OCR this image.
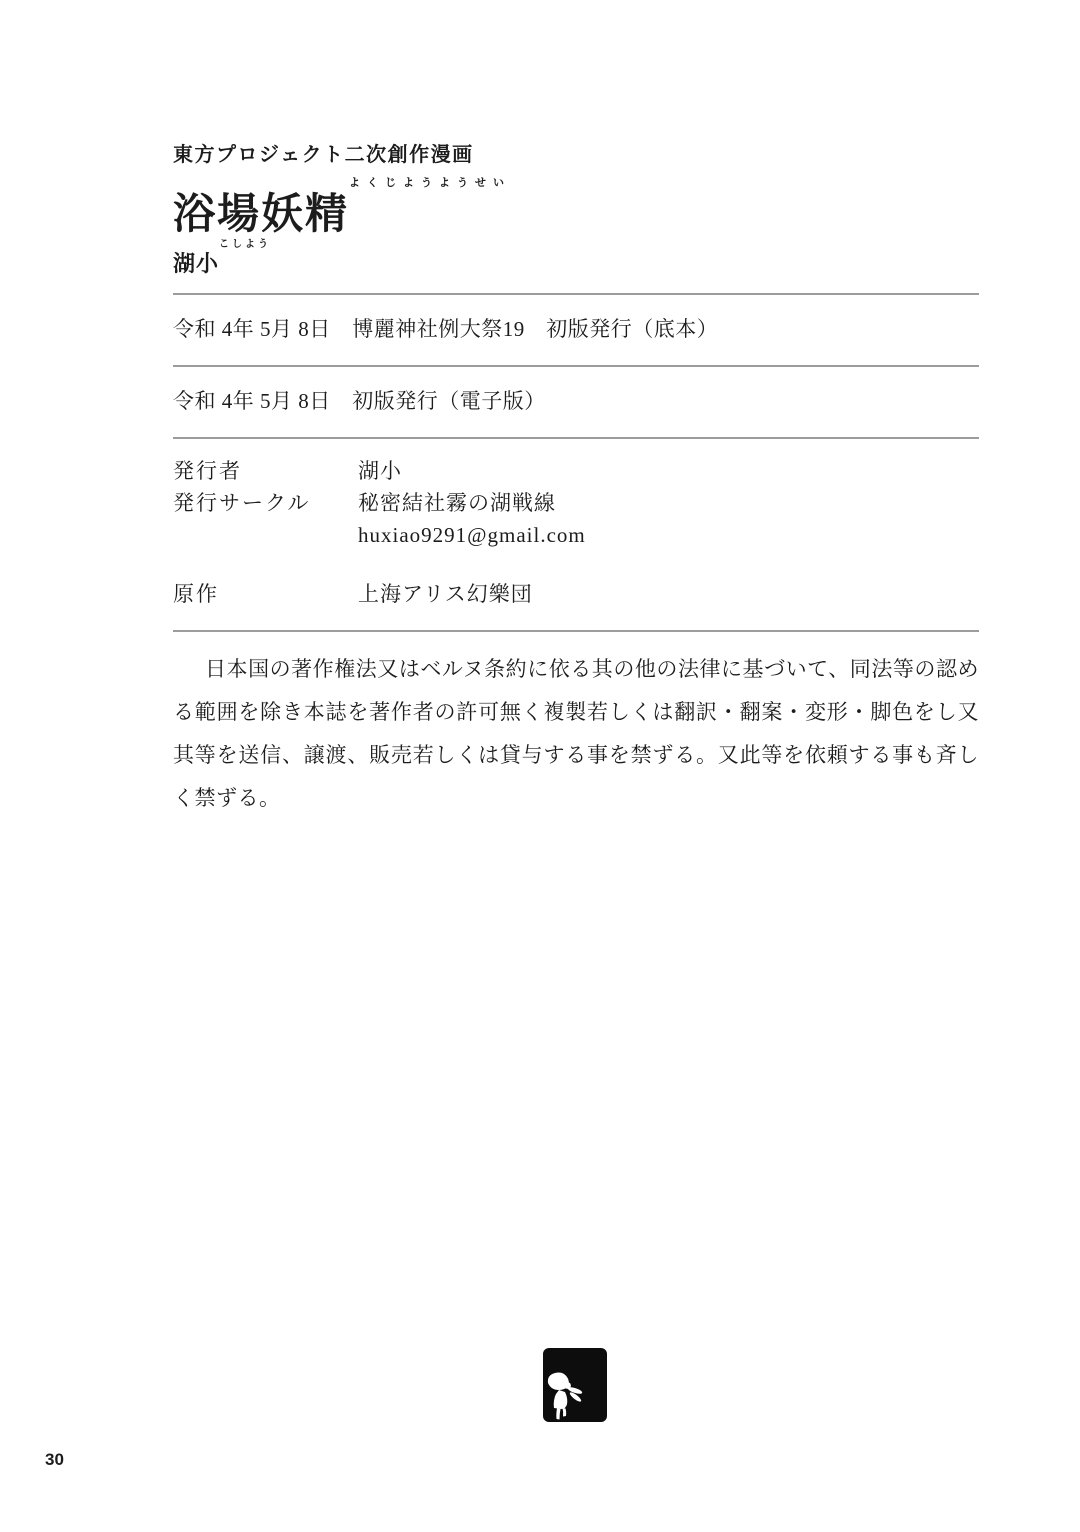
東方プロジェクト二次創作漫画
浴場妖精よくじようようせい
湖小こしよう
令和 4年 5月 8日　博麗神社例大祭19　初版発行（底本）
令和 4年 5月 8日　初版発行（電子版）
発行者	湖小
発行サークル	秘密結社霧の湖戦線
huxiao9291@gmail.com
原作	上海アリス幻樂団

日本国の著作権法又はベルヌ条約に依る其の他の法律に基づいて、同法等の認める範囲を除き本誌を著作者の許可無く複製若しくは翻訳・翻案・変形・脚色をし又其等を送信、譲渡、販売若しくは貸与する事を禁ずる。又此等を依頼する事も斉しく禁ずる。

30
